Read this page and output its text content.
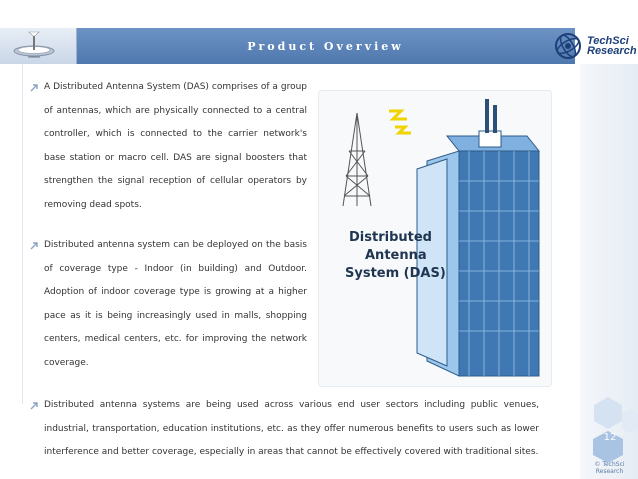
Product Overview	TechSci
Research
A Distributed Antenna System (DAS) comprises of a group of antennas, which are physically connected to a central controller, which is connected to the carrier network's base station or macro cell. DAS are signal boosters that strengthen the signal reception of cellular operators by removing dead spots.
Distributed antenna system can be deployed on the basis of coverage type - Indoor (in building) and Outdoor. Adoption of indoor coverage type is growing at a higher pace as it is being increasingly used in malls, shopping centers, medical centers, etc. for improving the network coverage.
Distributed antenna systems are being used across various end user sectors including public venues, industrial, transportation, education institutions, etc. as they offer numerous benefits to users such as lower interference and better coverage, especially in areas that cannot be effectively covered with traditional sites.
Distributed
Antenna
System (DAS)
12
© TechSci Research
